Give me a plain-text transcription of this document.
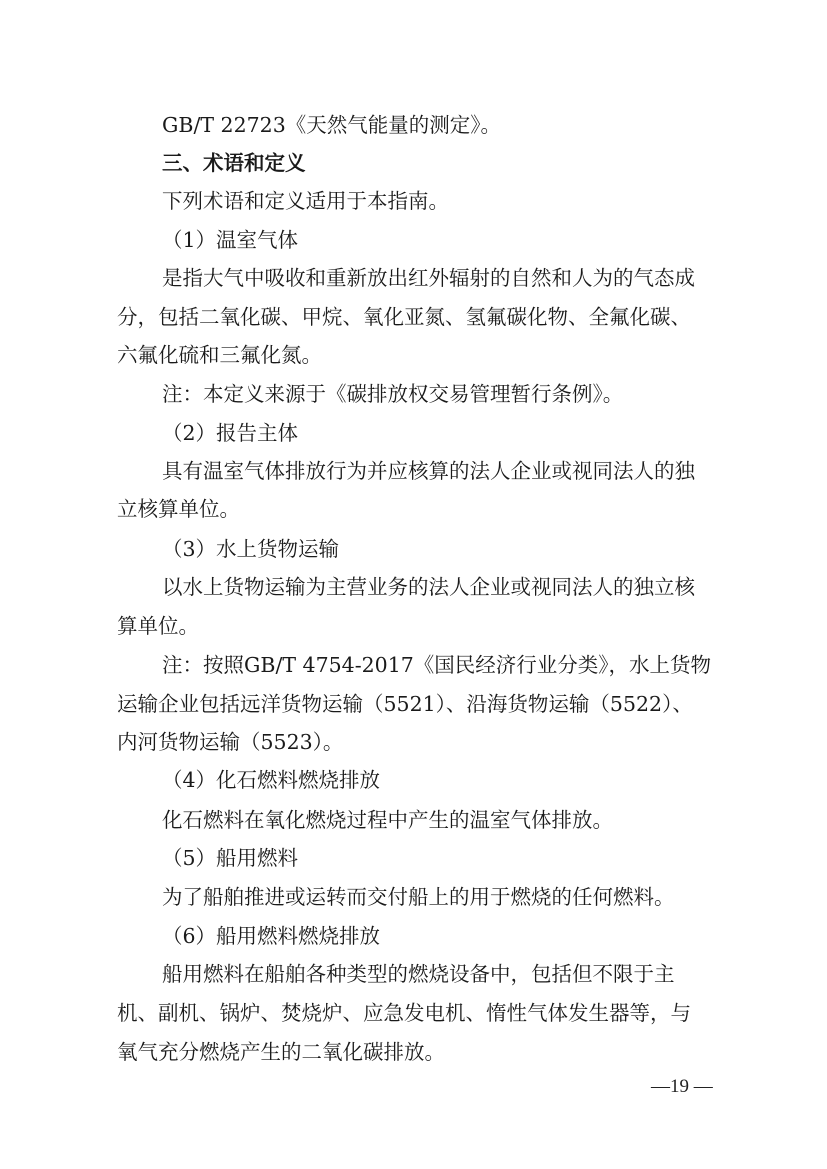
GB/T 22723《天然气能量的测定》。
三、术语和定义
下列术语和定义适用于本指南。
（1）温室气体
是指大气中吸收和重新放出红外辐射的自然和人为的气态成
分，包括二氧化碳、甲烷、氧化亚氮、氢氟碳化物、全氟化碳、
六氟化硫和三氟化氮。
注：本定义来源于《碳排放权交易管理暂行条例》。
（2）报告主体
具有温室气体排放行为并应核算的法人企业或视同法人的独
立核算单位。
（3）水上货物运输
以水上货物运输为主营业务的法人企业或视同法人的独立核
算单位。
注：按照GB/T 4754-2017《国民经济行业分类》，水上货物
运输企业包括远洋货物运输（5521）、沿海货物运输（5522）、
内河货物运输（5523）。
（4）化石燃料燃烧排放
化石燃料在氧化燃烧过程中产生的温室气体排放。
（5）船用燃料
为了船舶推进或运转而交付船上的用于燃烧的任何燃料。
（6）船用燃料燃烧排放
船用燃料在船舶各种类型的燃烧设备中，包括但不限于主
机、副机、锅炉、焚烧炉、应急发电机、惰性气体发生器等，与
氧气充分燃烧产生的二氧化碳排放。
—19 —
